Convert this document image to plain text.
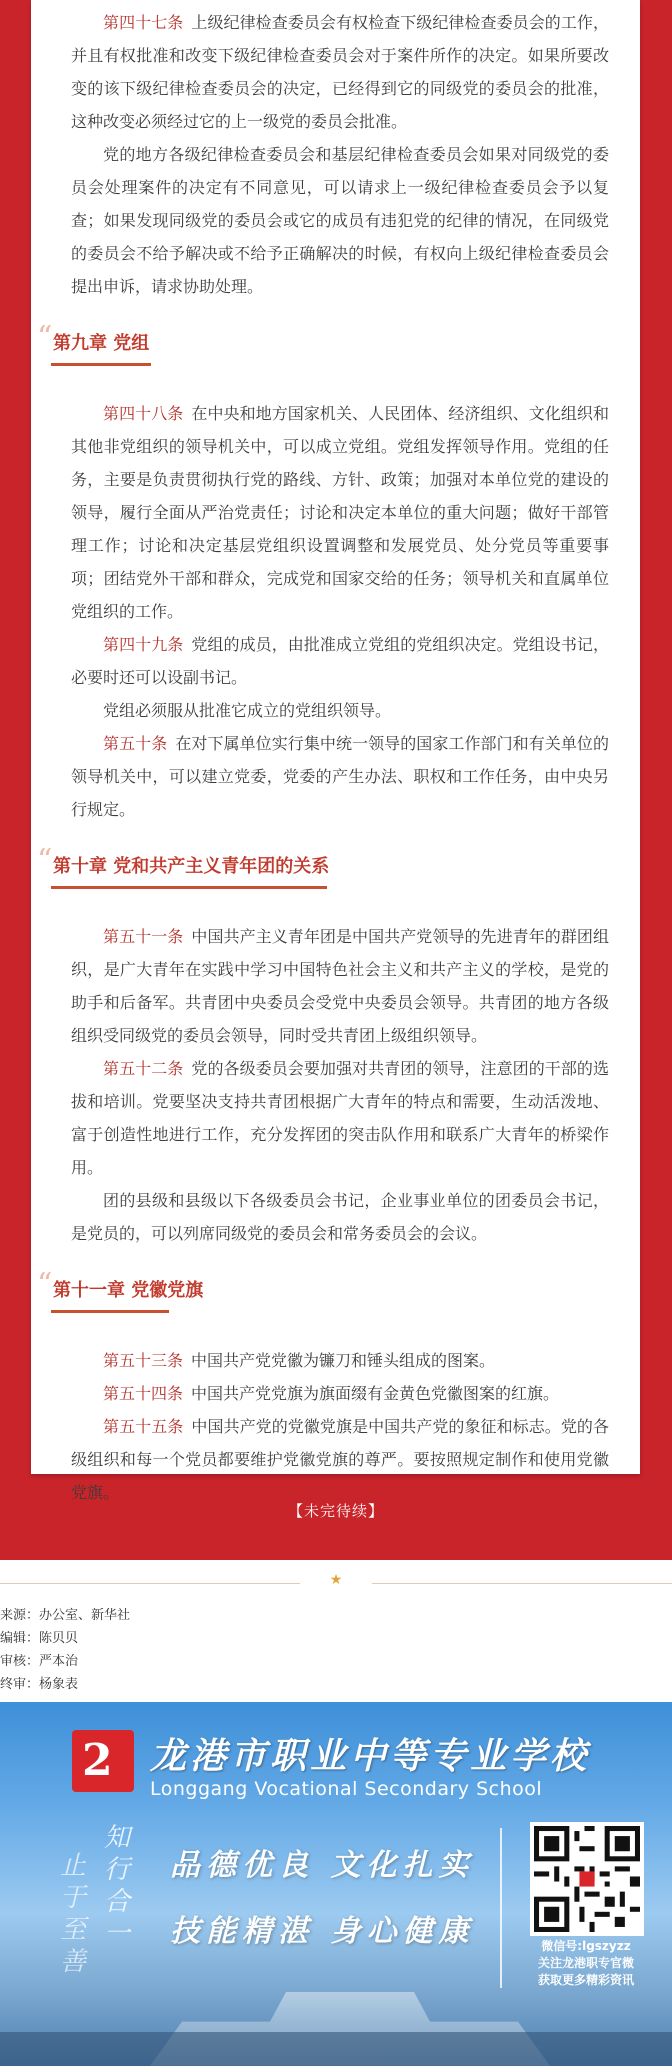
第四十七条  上级纪律检查委员会有权检查下级纪律检查委员会的工作，并且有权批准和改变下级纪律检查委员会对于案件所作的决定。如果所要改变的该下级纪律检查委员会的决定，已经得到它的同级党的委员会的批准，这种改变必须经过它的上一级党的委员会批准。

党的地方各级纪律检查委员会和基层纪律检查委员会如果对同级党的委员会处理案件的决定有不同意见，可以请求上一级纪律检查委员会予以复查；如果发现同级党的委员会或它的成员有违犯党的纪律的情况，在同级党的委员会不给予解决或不给予正确解决的时候，有权向上级纪律检查委员会提出申诉，请求协助处理。

“ 第九章 党组

第四十八条  在中央和地方国家机关、人民团体、经济组织、文化组织和其他非党组织的领导机关中，可以成立党组。党组发挥领导作用。党组的任务，主要是负责贯彻执行党的路线、方针、政策；加强对本单位党的建设的领导，履行全面从严治党责任；讨论和决定本单位的重大问题；做好干部管理工作；讨论和决定基层党组织设置调整和发展党员、处分党员等重要事项；团结党外干部和群众，完成党和国家交给的任务；领导机关和直属单位党组织的工作。

第四十九条  党组的成员，由批准成立党组的党组织决定。党组设书记，必要时还可以设副书记。

党组必须服从批准它成立的党组织领导。

第五十条  在对下属单位实行集中统一领导的国家工作部门和有关单位的领导机关中，可以建立党委，党委的产生办法、职权和工作任务，由中央另行规定。

“ 第十章 党和共产主义青年团的关系

第五十一条  中国共产主义青年团是中国共产党领导的先进青年的群团组织，是广大青年在实践中学习中国特色社会主义和共产主义的学校，是党的助手和后备军。共青团中央委员会受党中央委员会领导。共青团的地方各级组织受同级党的委员会领导，同时受共青团上级组织领导。

第五十二条  党的各级委员会要加强对共青团的领导，注意团的干部的选拔和培训。党要坚决支持共青团根据广大青年的特点和需要，生动活泼地、富于创造性地进行工作，充分发挥团的突击队作用和联系广大青年的桥梁作用。

团的县级和县级以下各级委员会书记，企业事业单位的团委员会书记，是党员的，可以列席同级党的委员会和常务委员会的会议。

“ 第十一章 党徽党旗

第五十三条  中国共产党党徽为镰刀和锤头组成的图案。

第五十四条  中国共产党党旗为旗面缀有金黄色党徽图案的红旗。

第五十五条  中国共产党的党徽党旗是中国共产党的象征和标志。党的各级组织和每一个党员都要维护党徽党旗的尊严。要按照规定制作和使用党徽党旗。

【未完待续】
★
来源：办公室、新华社
编辑：陈贝贝
审核：严本治
终审：杨象表
2 龙港市职业中等专业学校
Longgang Vocational Secondary School
知行合一
止于至善
品德优良 文化扎实
技能精湛 身心健康	微信号:lgszyzz
关注龙港职专官微
获取更多精彩资讯
